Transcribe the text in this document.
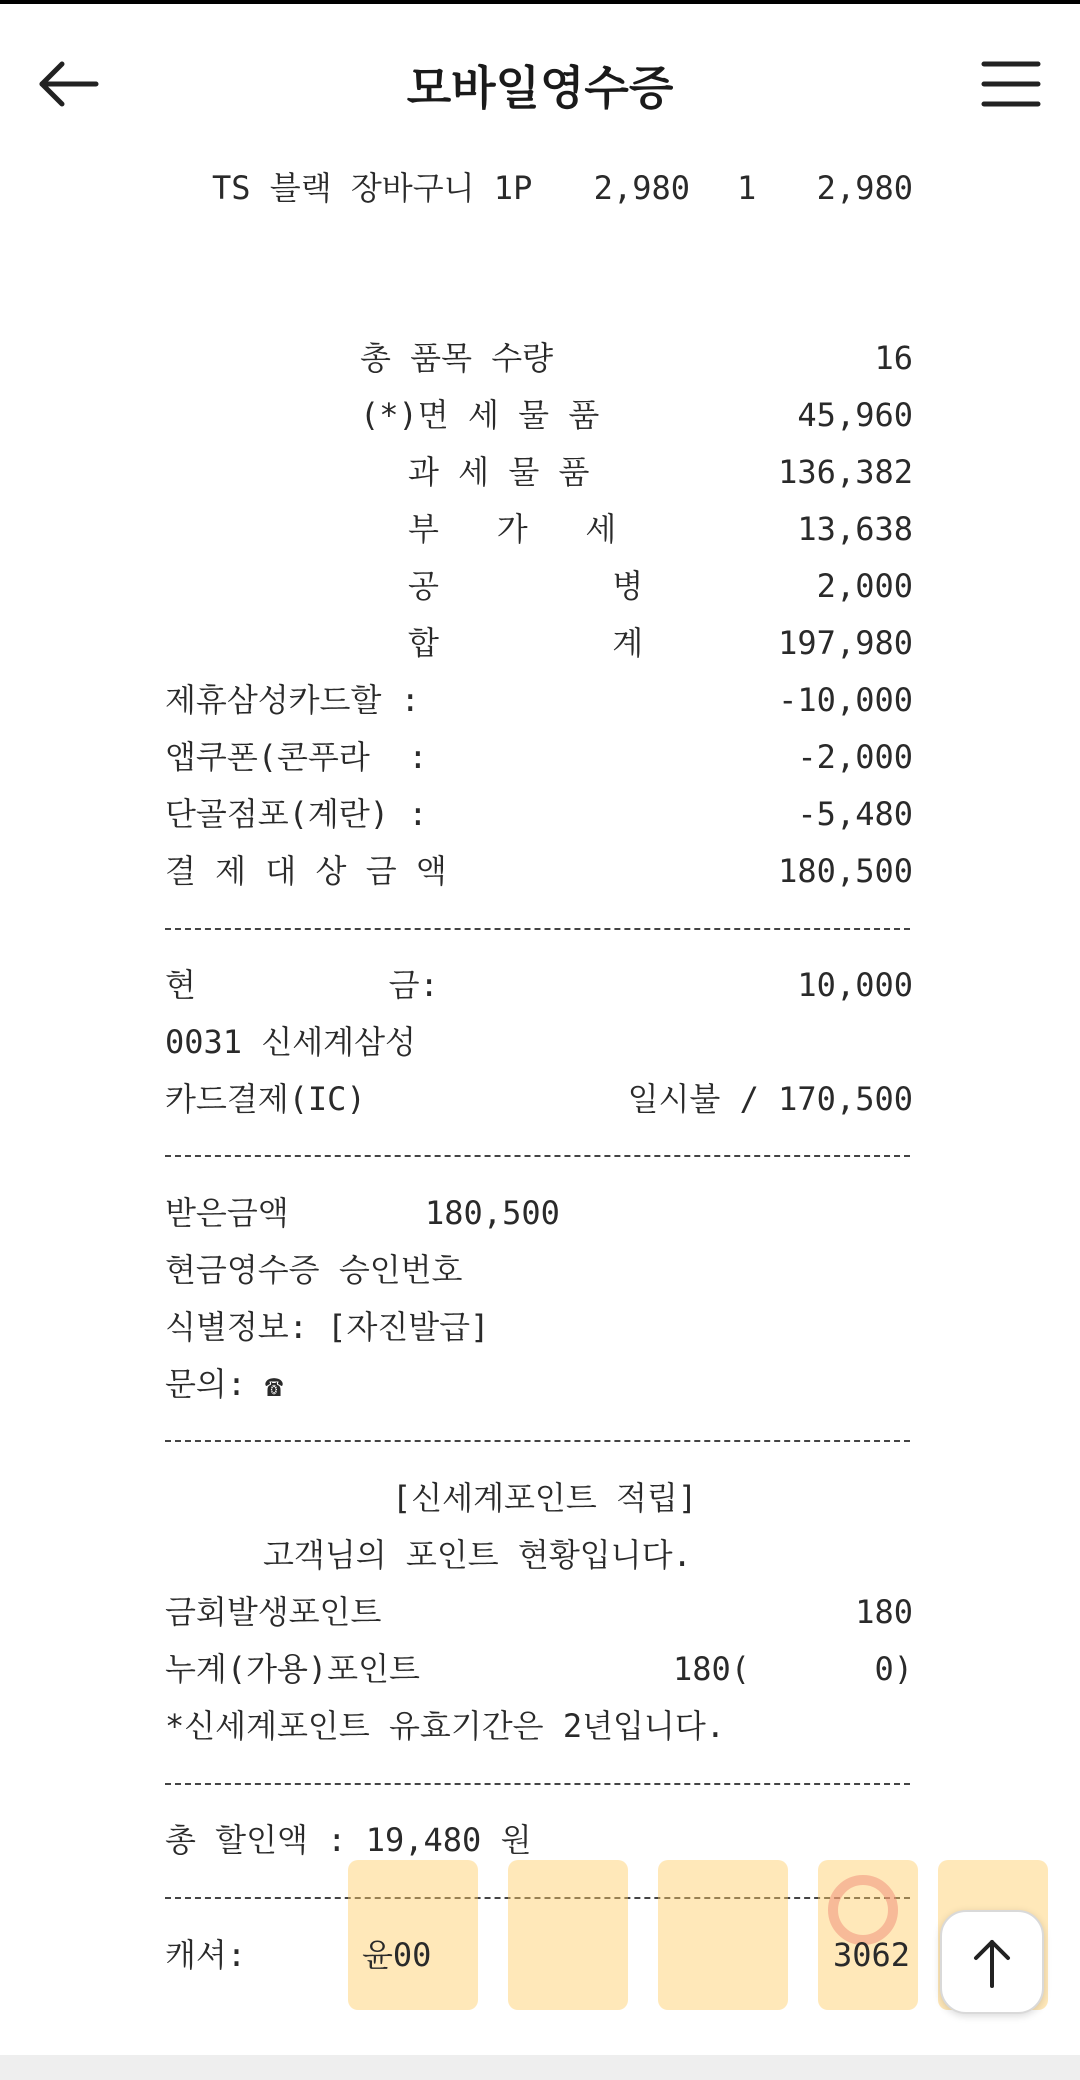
모바일영수증
TS 블랙 장바구니 1P	2,980 1	2,980
총 품목 수량	16
(*)면 세 물 품	45,960
과 세 물 품	136,382
부   가   세	13,638
공         병	2,000
합         계	197,980
제휴삼성카드할 :	-10,000
앱쿠폰(콘푸라  :	-2,000
단골점포(계란) :	-5,480
결 제 대 상 금 액	180,500
현          금:	10,000
0031 신세계삼성
카드결제(IC)	일시불 / 170,500
받은금액	180,500
현금영수증 승인번호
식별정보: [자진발급]
문의: ☎
[신세계포인트 적립]
고객님의 포인트 현황입니다.
금회발생포인트	180
누계(가용)포인트	180(	0)
*신세계포인트 유효기간은 2년입니다.
총 할인액 : 19,480 원
캐셔:	윤00	3062
